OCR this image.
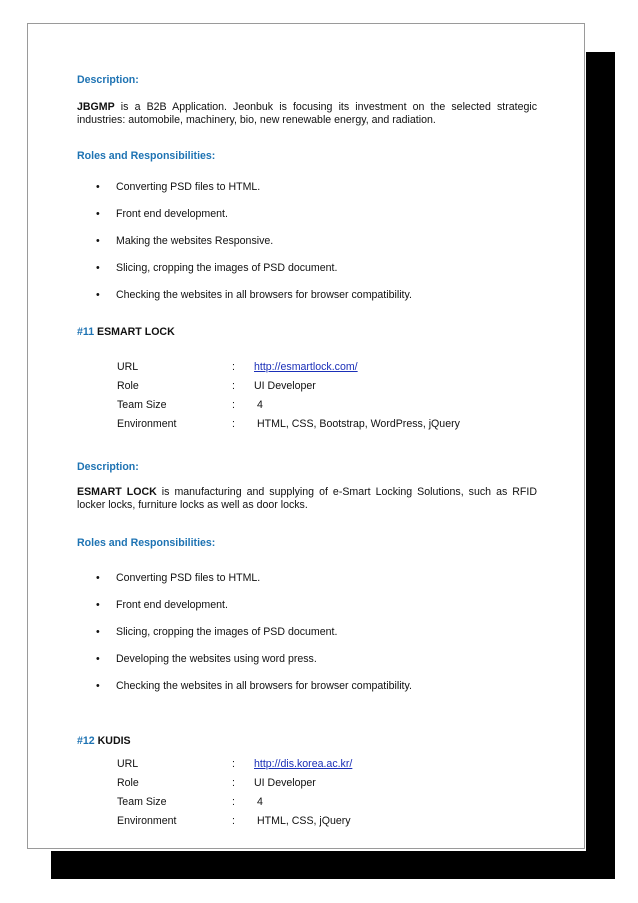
Description:
JBGMP is a B2B Application. Jeonbuk is focusing its investment on the selected strategic industries: automobile, machinery, bio, new renewable energy, and radiation.
Roles and Responsibilities:
• Converting PSD files to HTML.
• Front end development.
• Making the websites Responsive.
• Slicing, cropping the images of PSD document.
• Checking the websites in all browsers for browser compatibility.
#11 ESMART LOCK
URL	: http://esmartlock.com/
Role	: UI Developer
Team Size	: 4
Environment	: HTML, CSS, Bootstrap, WordPress, jQuery
Description:
ESMART LOCK is manufacturing and supplying of e-Smart Locking Solutions, such as RFID locker locks, furniture locks as well as door locks.
Roles and Responsibilities:
• Converting PSD files to HTML.
• Front end development.
• Slicing, cropping the images of PSD document.
• Developing the websites using word press.
• Checking the websites in all browsers for browser compatibility.
#12 KUDIS
URL	: http://dis.korea.ac.kr/
Role	: UI Developer
Team Size	: 4
Environment	: HTML, CSS, jQuery
